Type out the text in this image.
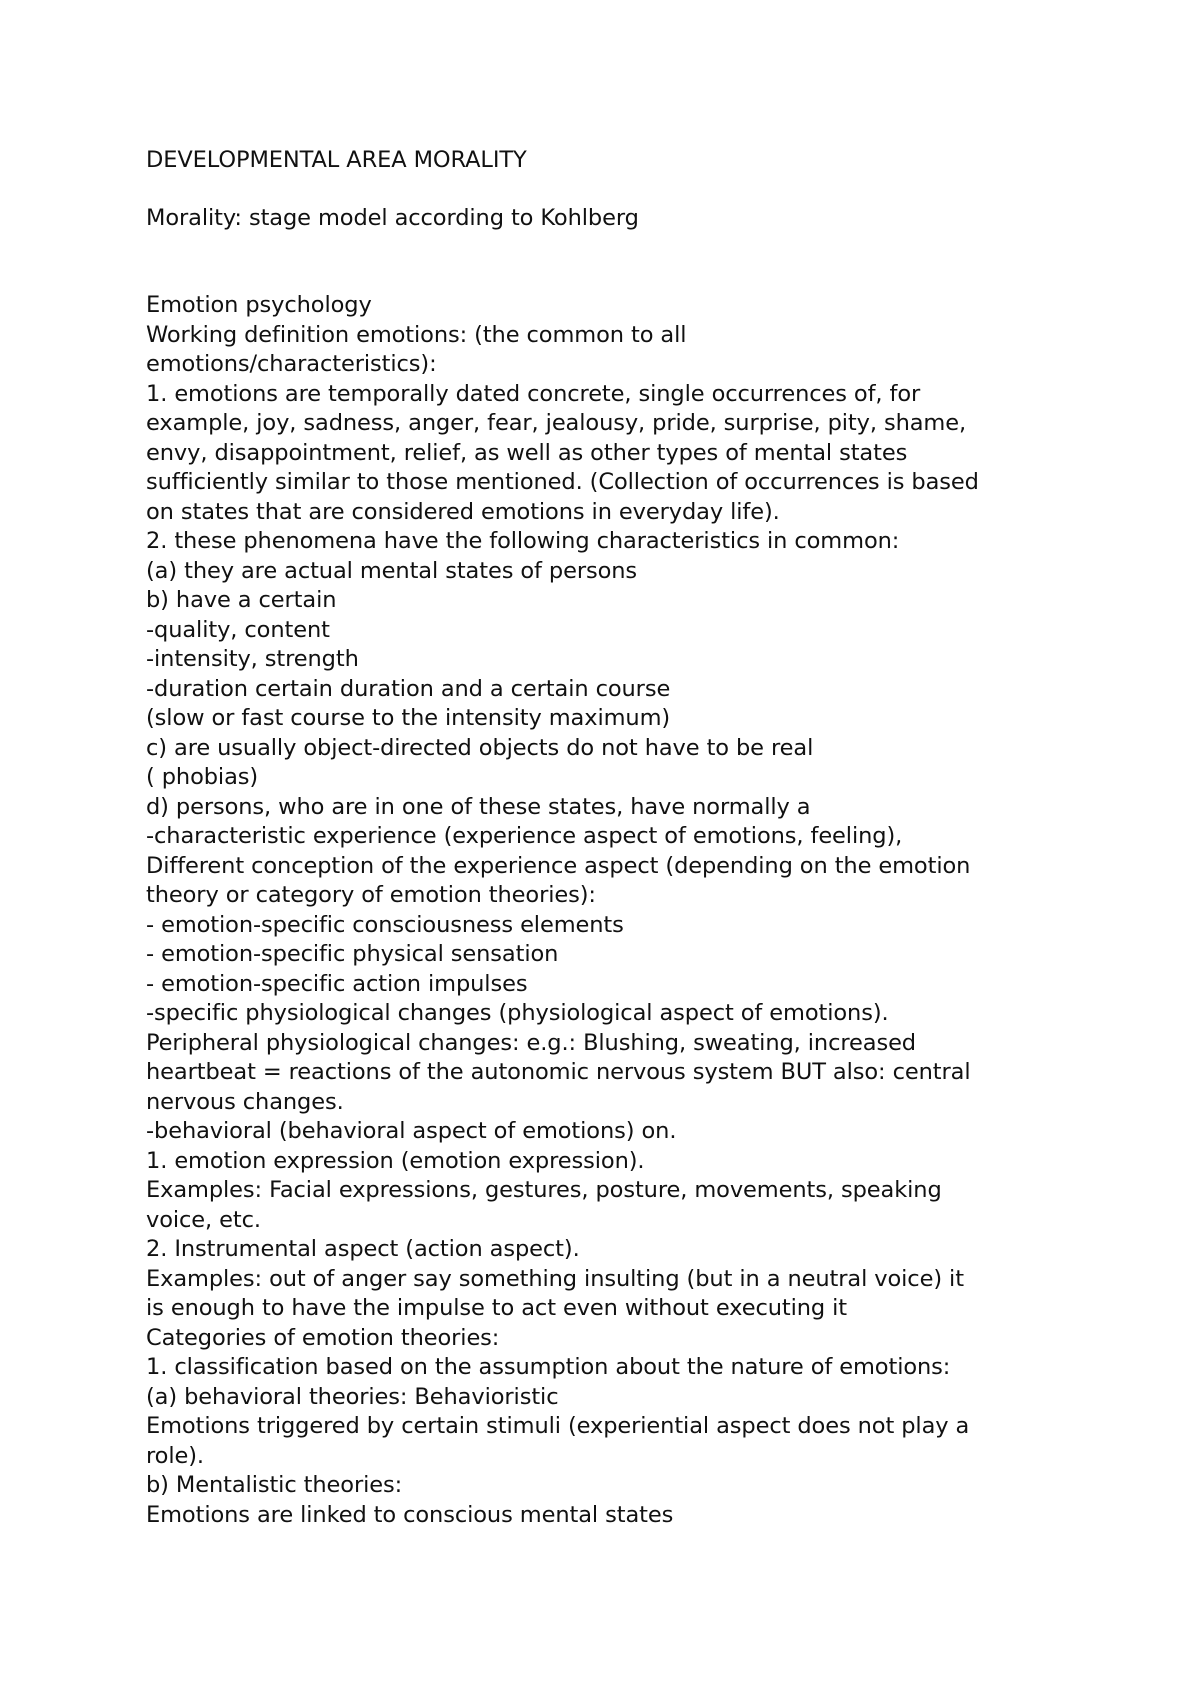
DEVELOPMENTAL AREA MORALITY

Morality: stage model according to Kohlberg

Emotion psychology
Working definition emotions: (the common to all
emotions/characteristics):
1. emotions are temporally dated concrete, single occurrences of, for
example, joy, sadness, anger, fear, jealousy, pride, surprise, pity, shame,
envy, disappointment, relief, as well as other types of mental states
sufficiently similar to those mentioned. (Collection of occurrences is based
on states that are considered emotions in everyday life).
2. these phenomena have the following characteristics in common:
(a) they are actual mental states of persons
b) have a certain
-quality, content
-intensity, strength
-duration certain duration and a certain course
(slow or fast course to the intensity maximum)
c) are usually object-directed objects do not have to be real
( phobias)
d) persons, who are in one of these states, have normally a
-characteristic experience (experience aspect of emotions, feeling),
Different conception of the experience aspect (depending on the emotion
theory or category of emotion theories):
- emotion-specific consciousness elements
- emotion-specific physical sensation
- emotion-specific action impulses
-specific physiological changes (physiological aspect of emotions).
Peripheral physiological changes: e.g.: Blushing, sweating, increased
heartbeat = reactions of the autonomic nervous system BUT also: central
nervous changes.
-behavioral (behavioral aspect of emotions) on.
1. emotion expression (emotion expression).
Examples: Facial expressions, gestures, posture, movements, speaking
voice, etc.
2. Instrumental aspect (action aspect).
Examples: out of anger say something insulting (but in a neutral voice) it
is enough to have the impulse to act even without executing it
Categories of emotion theories:
1. classification based on the assumption about the nature of emotions:
(a) behavioral theories: Behavioristic
Emotions triggered by certain stimuli (experiential aspect does not play a
role).
b) Mentalistic theories:
Emotions are linked to conscious mental states
